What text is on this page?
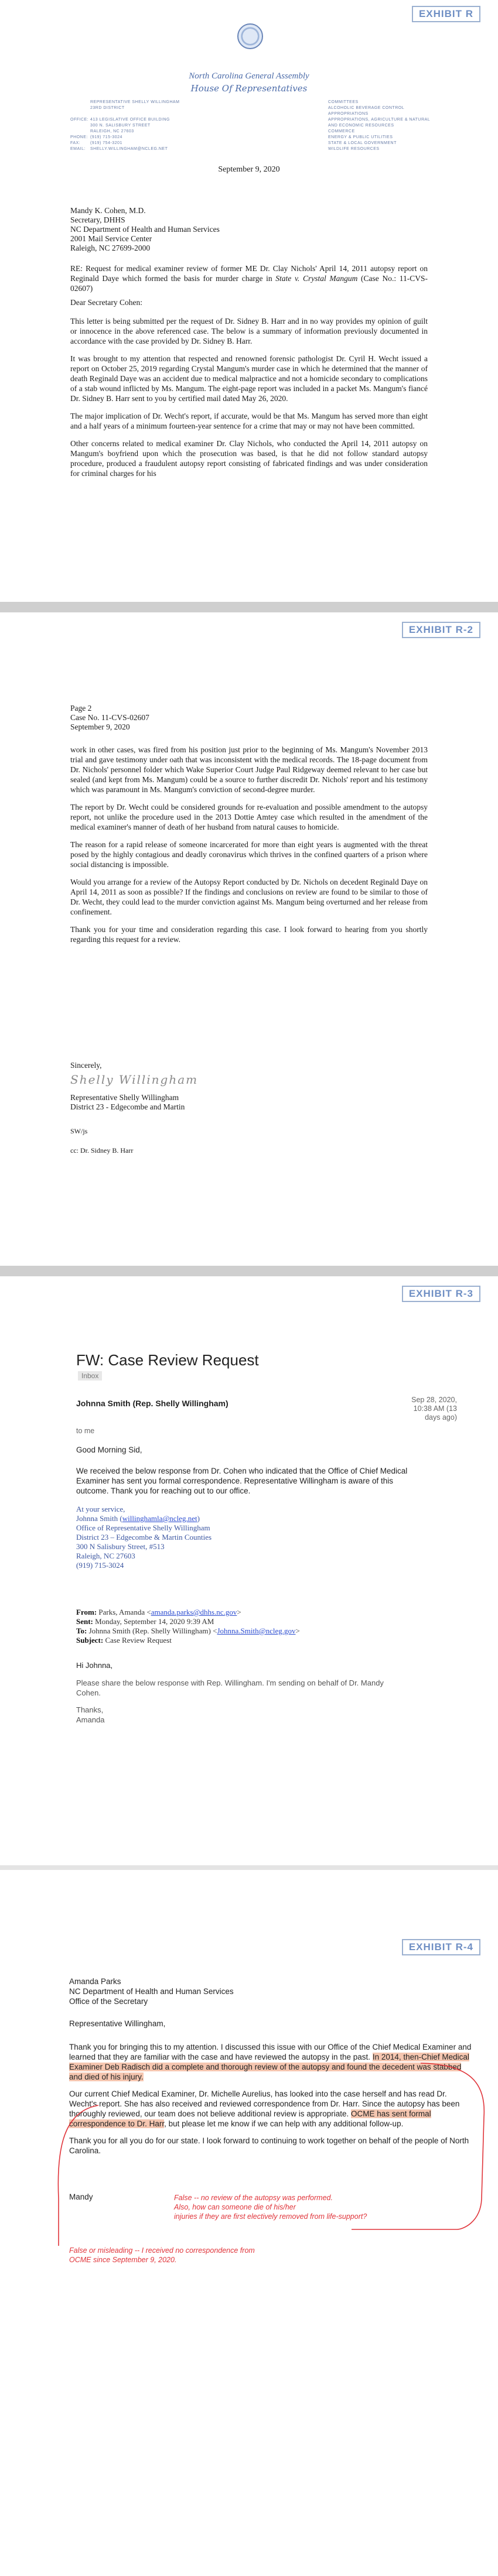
EXHIBIT R
North Carolina General Assembly
House Of Representatives
REPRESENTATIVE SHELLY WILLINGHAM
23RD DISTRICT
OFFICE: 413 LEGISLATIVE OFFICE BUILDING
300 N. SALISBURY STREET
RALEIGH, NC 27603
PHONE: (919) 715-3024
FAX: (919) 754-3201
EMAIL: SHELLY.WILLINGHAM@NCLEG.NET
COMMITTEES
ALCOHOLIC BEVERAGE CONTROL
APPROPRIATIONS
APPROPRIATIONS, AGRICULTURE & NATURAL
AND ECONOMIC RESOURCES
COMMERCE
ENERGY & PUBLIC UTILITIES
STATE & LOCAL GOVERNMENT
WILDLIFE RESOURCES
September 9, 2020
Mandy K. Cohen, M.D.
Secretary, DHHS
NC Department of Health and Human Services
2001 Mail Service Center
Raleigh, NC 27699-2000

RE: Request for medical examiner review of former ME Dr. Clay Nichols' April 14, 2011 autopsy report on Reginald Daye which formed the basis for murder charge in State v. Crystal Mangum (Case No.: 11-CVS-02607)

Dear Secretary Cohen:

This letter is being submitted per the request of Dr. Sidney B. Harr and in no way provides my opinion of guilt or innocence in the above referenced case. The below is a summary of information previously documented in accordance with the case provided by Dr. Sidney B. Harr.

It was brought to my attention that respected and renowned forensic pathologist Dr. Cyril H. Wecht issued a report on October 25, 2019 regarding Crystal Mangum's murder case in which he determined that the manner of death Reginald Daye was an accident due to medical malpractice and not a homicide secondary to complications of a stab wound inflicted by Ms. Mangum. The eight-page report was included in a packet Ms. Mangum's fiancé Dr. Sidney B. Harr sent to you by certified mail dated May 26, 2020.

The major implication of Dr. Wecht's report, if accurate, would be that Ms. Mangum has served more than eight and a half years of a minimum fourteen-year sentence for a crime that may or may not have been committed.

Other concerns related to medical examiner Dr. Clay Nichols, who conducted the April 14, 2011 autopsy on Mangum's boyfriend upon which the prosecution was based, is that he did not follow standard autopsy procedure, produced a fraudulent autopsy report consisting of fabricated findings and was under consideration for criminal charges for his

EXHIBIT R-2
Page 2
Case No. 11-CVS-02607
September 9, 2020

work in other cases, was fired from his position just prior to the beginning of Ms. Mangum's November 2013 trial and gave testimony under oath that was inconsistent with the medical records. The 18-page document from Dr. Nichols' personnel folder which Wake Superior Court Judge Paul Ridgeway deemed relevant to her case but sealed (and kept from Ms. Mangum) could be a source to further discredit Dr. Nichols' report and his testimony which was paramount in Ms. Mangum's conviction of second-degree murder.

The report by Dr. Wecht could be considered grounds for re-evaluation and possible amendment to the autopsy report, not unlike the procedure used in the 2013 Dottie Amtey case which resulted in the amendment of the medical examiner's manner of death of her husband from natural causes to homicide.

The reason for a rapid release of someone incarcerated for more than eight years is augmented with the threat posed by the highly contagious and deadly coronavirus which thrives in the confined quarters of a prison where social distancing is impossible.

Would you arrange for a review of the Autopsy Report conducted by Dr. Nichols on decedent Reginald Daye on April 14, 2011 as soon as possible? If the findings and conclusions on review are found to be similar to those of Dr. Wecht, they could lead to the murder conviction against Ms. Mangum being overturned and her release from confinement.

Thank you for your time and consideration regarding this case. I look forward to hearing from you shortly regarding this request for a review.

Sincerely,
Shelly Willingham
Representative Shelly Willingham
District 23 - Edgecombe and Martin
SW/js
cc: Dr. Sidney B. Harr
EXHIBIT R-3
FW: Case Review Request
Inbox
Johnna Smith (Rep. Shelly Willingham)	Sep 28, 2020,
10:38 AM (13
days ago)
to me
Good Morning Sid,
We received the below response from Dr. Cohen who indicated that the Office of Chief Medical Examiner has sent you formal correspondence. Representative Willingham is aware of this outcome. Thank you for reaching out to our office.
At your service,
Johnna Smith (willinghamla@ncleg.net)
Office of Representative Shelly Willingham
District 23 – Edgecombe & Martin Counties
300 N Salisbury Street, #513
Raleigh, NC 27603
(919) 715-3024
From: Parks, Amanda <amanda.parks@dhhs.nc.gov>
Sent: Monday, September 14, 2020 9:39 AM
To: Johnna Smith (Rep. Shelly Willingham) <Johnna.Smith@ncleg.gov>
Subject: Case Review Request
Hi Johnna,
Please share the below response with Rep. Willingham. I'm sending on behalf of Dr. Mandy Cohen.
Thanks,
Amanda
EXHIBIT R-4
Amanda Parks
NC Department of Health and Human Services
Office of the Secretary
Representative Willingham,

Thank you for bringing this to my attention. I discussed this issue with our Office of the Chief Medical Examiner and learned that they are familiar with the case and have reviewed the autopsy in the past. In 2014, then-Chief Medical Examiner Deb Radisch did a complete and thorough review of the autopsy and found the decedent was stabbed and died of his injury.

Our current Chief Medical Examiner, Dr. Michelle Aurelius, has looked into the case herself and has read Dr. Wecht's report. She has also received and reviewed correspondence from Dr. Harr. Since the autopsy has been thoroughly reviewed, our team does not believe additional review is appropriate. OCME has sent formal correspondence to Dr. Harr, but please let me know if we can help with any additional follow-up.

Thank you for all you do for our state. I look forward to continuing to work together on behalf of the people of North Carolina.

Mandy	False -- no review of the autopsy was performed.
Also, how can someone die of his/her
injuries if they are first electively removed from life-support?
False or misleading -- I received no correspondence from
OCME since September 9, 2020.
